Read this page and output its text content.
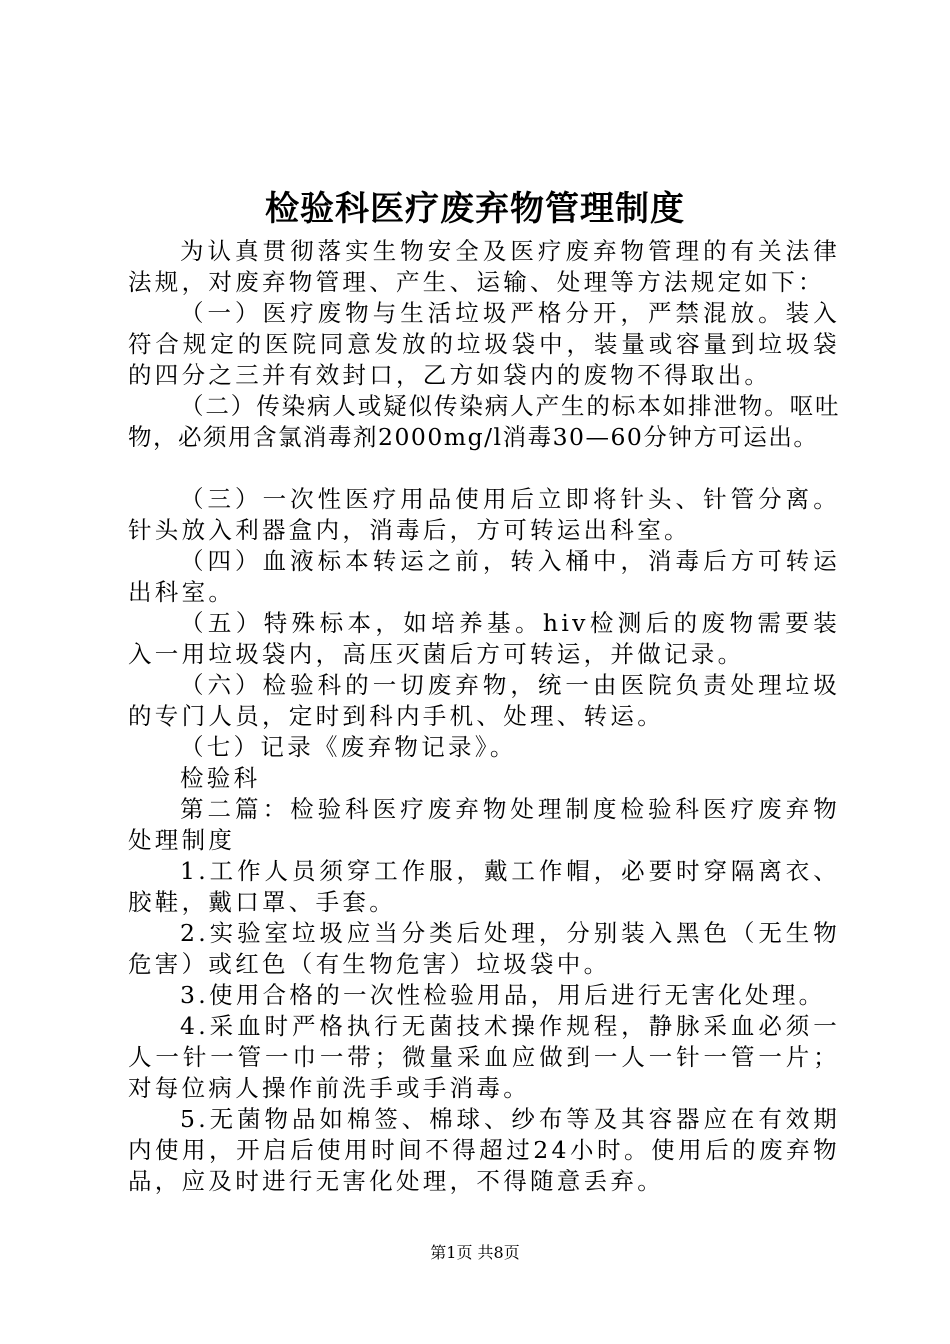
检验科医疗废弃物管理制度

为认真贯彻落实生物安全及医疗废弃物管理的有关法律法规，对废弃物管理、产生、运输、处理等方法规定如下：

（一）医疗废物与生活垃圾严格分开，严禁混放。装入符合规定的医院同意发放的垃圾袋中，装量或容量到垃圾袋的四分之三并有效封口，乙方如袋内的废物不得取出。

（二）传染病人或疑似传染病人产生的标本如排泄物。呕吐物，必须用含氯消毒剂2000mg/l消毒30—60分钟方可运出。

（三）一次性医疗用品使用后立即将针头、针管分离。针头放入利器盒内，消毒后，方可转运出科室。

（四）血液标本转运之前，转入桶中，消毒后方可转运出科室。

（五）特殊标本，如培养基。hiv检测后的废物需要装入一用垃圾袋内，高压灭菌后方可转运，并做记录。

（六）检验科的一切废弃物，统一由医院负责处理垃圾的专门人员，定时到科内手机、处理、转运。

（七）记录《废弃物记录》。

检验科

第二篇：检验科医疗废弃物处理制度检验科医疗废弃物处理制度

1.工作人员须穿工作服，戴工作帽，必要时穿隔离衣、胶鞋，戴口罩、手套。

2.实验室垃圾应当分类后处理，分别装入黑色（无生物危害）或红色（有生物危害）垃圾袋中。

3.使用合格的一次性检验用品，用后进行无害化处理。

4.采血时严格执行无菌技术操作规程，静脉采血必须一人一针一管一巾一带；微量采血应做到一人一针一管一片；对每位病人操作前洗手或手消毒。

5.无菌物品如棉签、棉球、纱布等及其容器应在有效期内使用，开启后使用时间不得超过24小时。使用后的废弃物品，应及时进行无害化处理，不得随意丢弃。

第1页 共8页
